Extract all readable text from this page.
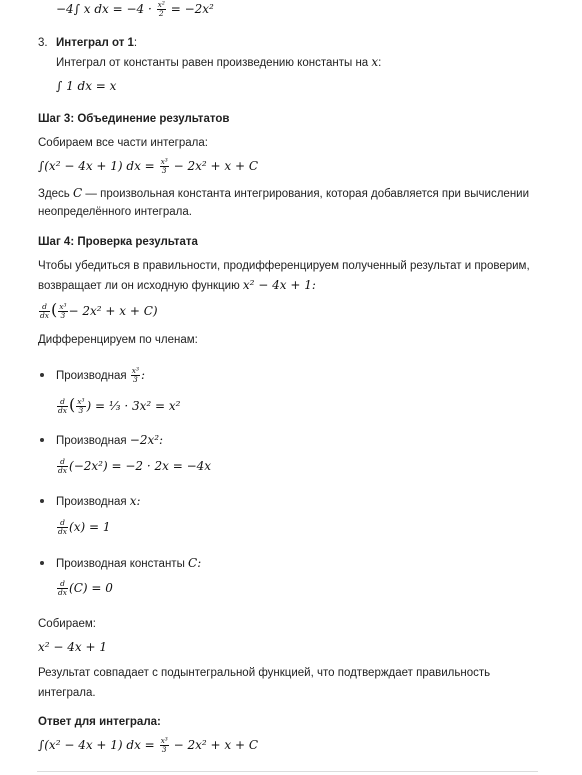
−4∫ x dx = $-4 \cdot \frac{\text{x²}}{2} = -2x^2$
3. Интеграл от 1:
Интеграл от константы равен произведению константы на x:
∫ 1 dx = x
Шаг 3: Объединение результатов
Собираем все части интеграла:
∫(x² − 4x + 1) dx = $\frac{\text{x³}}{3} - 2x^2 + x + C$
Здесь C — произвольная константа интегрирования, которая добавляется при вычислении
неопределённого интеграла.
Шаг 4: Проверка результата
Чтобы убедиться в правильности, продифференцируем полученный результат и проверим,
возвращает ли он исходную функцию x² − 4x + 1:
$\frac{d}{dx}$ ( $\frac{\text{x³}}{3} - 2x^2 + x + C$)
Дифференцируем по членам:
Производная $\frac{\text{x³}}{3}$ :
$\frac{d}{dx}$ ( $\frac{\text{x³}}{3}$ ) = ⅓ · 3x² = x²
Производная −2x²:
$\frac{d}{dx} (-2x^2) = -2 \cdot 2x = -4x$
Производная x:
$\frac{d}{dx} (x) = 1$
Производная константы C:
$\frac{d}{dx} (C) = 0$
Собираем:
x² − 4x + 1
Результат совпадает с подынтегральной функцией, что подтверждает правильность
интеграла.
Ответ для интеграла:
∫(x² − 4x + 1) dx = $\frac{\text{x³}}{3} - 2x^2 + x + C$
